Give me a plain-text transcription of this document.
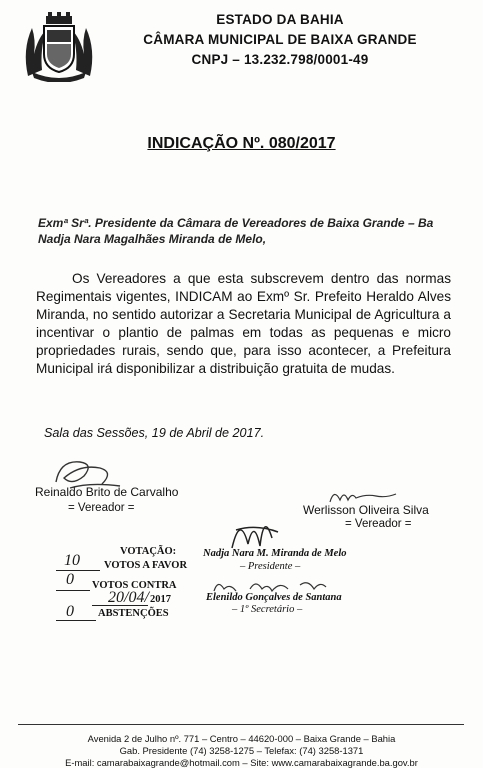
ESTADO DA BAHIA
CÂMARA MUNICIPAL DE BAIXA GRANDE
CNPJ – 13.232.798/0001-49
INDICAÇÃO Nº. 080/2017
Exmª Srª. Presidente da Câmara de Vereadores de Baixa Grande – Ba
Nadja Nara Magalhães Miranda de Melo,
Os Vereadores a que esta subscrevem dentro das normas Regimentais vigentes, INDICAM ao Exmº Sr. Prefeito Heraldo Alves Miranda, no sentido autorizar a Secretaria Municipal de Agricultura a incentivar o plantio de palmas em todas as pequenas e micro propriedades rurais, sendo que, para isso acontecer, a Prefeitura Municipal irá disponibilizar a distribuição gratuita de mudas.
Sala das Sessões, 19 de Abril de 2017.
Reinaldo Brito de Carvalho
= Vereador =	Werlisson Oliveira Silva
= Vereador =
VOTAÇÃO:
10 VOTOS A FAVOR
0 VOTOS CONTRA
20/04/ 2017
0 ABSTENÇÕES
Nadja Nara M. Miranda de Melo
– Presidente –
Elenildo Gonçalves de Santana
– 1º Secretário –
Avenida 2 de Julho nº. 771 – Centro – 44620-000 – Baixa Grande – Bahia
Gab. Presidente (74) 3258-1275 – Telefax: (74) 3258-1371
E-mail: camarabaixagrande@hotmail.com – Site: www.camarabaixagrande.ba.gov.br
